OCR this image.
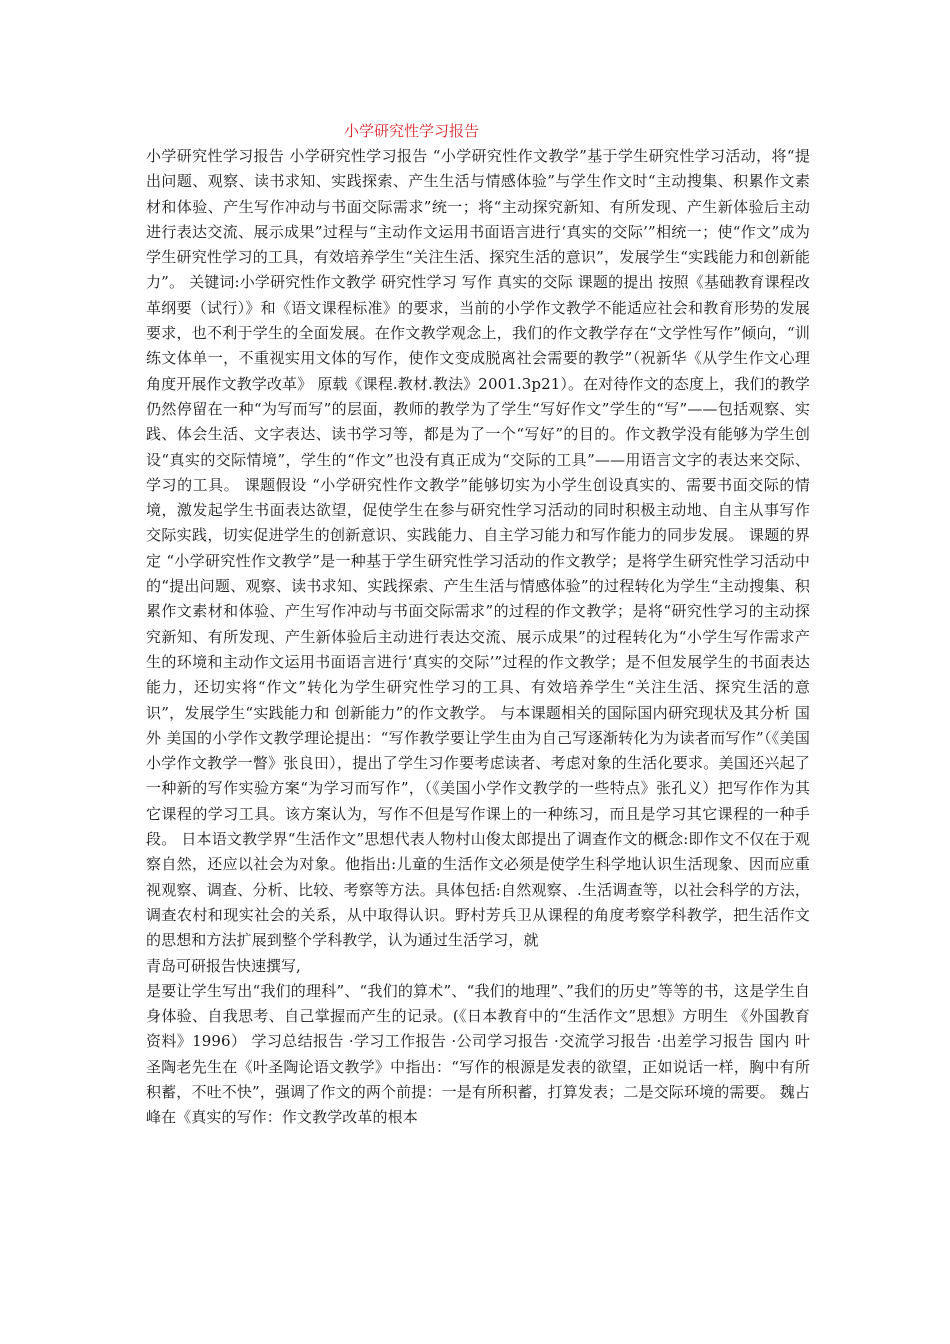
小学研究性学习报告

小学研究性学习报告 小学研究性学习报告 “小学研究性作文教学”基于学生研究性学习活动，将“提出问题、观察、读书求知、实践探索、产生生活与情感体验”与学生作文时“主动搜集、积累作文素材和体验、产生写作冲动与书面交际需求”统一；将“主动探究新知、有所发现、产生新体验后主动进行表达交流、展示成果”过程与“主动作文运用书面语言进行‘真实的交际’”相统一；使“作文”成为学生研究性学习的工具，有效培养学生“关注生活、探究生活的意识”，发展学生“实践能力和创新能力”。 关键词:小学研究性作文教学 研究性学习 写作 真实的交际 课题的提出 按照《基础教育课程改革纲要（试行）》和《语文课程标准》的要求，当前的小学作文教学不能适应社会和教育形势的发展要求，也不利于学生的全面发展。在作文教学观念上，我们的作文教学存在“文学性写作”倾向，“训练文体单一，不重视实用文体的写作，使作文变成脱离社会需要的教学”（祝新华《从学生作文心理角度开展作文教学改革》 原载《课程.教材.教法》2001.3p21）。在对待作文的态度上，我们的教学仍然停留在一种“为写而写”的层面，教师的教学为了学生“写好作文”学生的“写”——包括观察、实践、体会生活、文字表达、读书学习等，都是为了一个“写好”的目的。作文教学没有能够为学生创设“真实的交际情境”，学生的“作文”也没有真正成为“交际的工具”——用语言文字的表达来交际、学习的工具。 课题假设 “小学研究性作文教学”能够切实为小学生创设真实的、需要书面交际的情境，激发起学生书面表达欲望，促使学生在参与研究性学习活动的同时积极主动地、自主从事写作交际实践，切实促进学生的创新意识、实践能力、自主学习能力和写作能力的同步发展。 课题的界定 “小学研究性作文教学”是一种基于学生研究性学习活动的作文教学；是将学生研究性学习活动中的“提出问题、观察、读书求知、实践探索、产生生活与情感体验”的过程转化为学生“主动搜集、积累作文素材和体验、产生写作冲动与书面交际需求”的过程的作文教学；是将“研究性学习的主动探究新知、有所发现、产生新体验后主动进行表达交流、展示成果”的过程转化为“小学生写作需求产生的环境和主动作文运用书面语言进行‘真实的交际’”过程的作文教学；是不但发展学生的书面表达能力，还切实将“作文”转化为学生研究性学习的工具、有效培养学生“关注生活、探究生活的意识”，发展学生“实践能力和 创新能力”的作文教学。 与本课题相关的国际国内研究现状及其分析 国外 美国的小学作文教学理论提出：“写作教学要让学生由为自己写逐渐转化为为读者而写作”（《美国小学作文教学一瞥》张良田），提出了学生习作要考虑读者、考虑对象的生活化要求。美国还兴起了一种新的写作实验方案“为学习而写作”，（《美国小学作文教学的一些特点》张孔义）把写作作为其它课程的学习工具。该方案认为，写作不但是写作课上的一种练习，而且是学习其它课程的一种手段。 日本语文教学界“生活作文”思想代表人物村山俊太郎提出了调查作文的概念:即作文不仅在于观察自然，还应以社会为对象。他指出:儿童的生活作文必须是使学生科学地认识生活现象、因而应重视观察、调查、分析、比较、考察等方法。具体包括:自然观察、.生活调查等，以社会科学的方法，调查农村和现实社会的关系，从中取得认识。野村芳兵卫从课程的角度考察学科教学，把生活作文的思想和方法扩展到整个学科教学，认为通过生活学习，就

青岛可研报告快速撰写,

是要让学生写出“我们的理科”、“我们的算术”、“我们的地理”、”我们的历史”等等的书，这是学生自身体验、自我思考、自己掌握而产生的记录。(《日本教育中的“生活作文”思想》方明生 《外国教育资料》1996） 学习总结报告 ·学习工作报告 ·公司学习报告 ·交流学习报告 ·出差学习报告 国内 叶圣陶老先生在《叶圣陶论语文教学》中指出：“写作的根源是发表的欲望，正如说话一样，胸中有所积蓄，不吐不快”，强调了作文的两个前提：一是有所积蓄，打算发表；二是交际环境的需要。 魏占峰在《真实的写作：作文教学改革的根本
